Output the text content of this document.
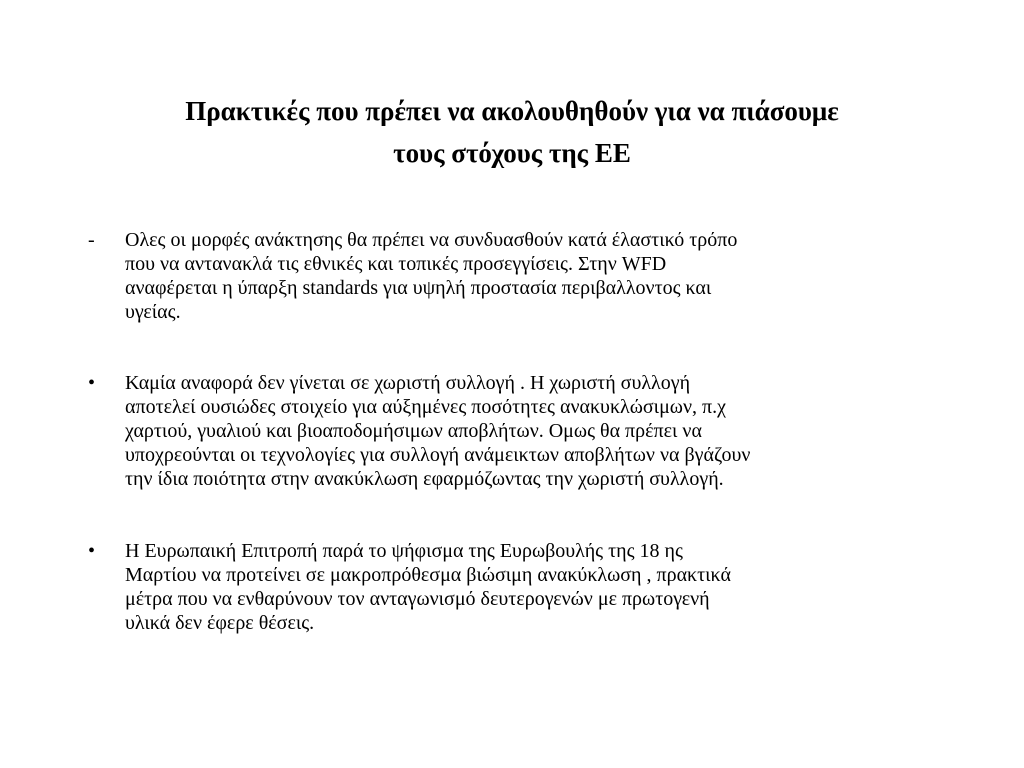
Πρακτικές που πρέπει να ακολουθηθούν για να πιάσουμε
τους στόχους της ΕΕ
-	Ολες οι μορφές ανάκτησης θα πρέπει να συνδυασθούν κατά έλαστικό τρόπο
που να αντανακλά τις εθνικές και τοπικές προσεγγίσεις. Στην WFD
αναφέρεται η ύπαρξη standards για υψηλή προστασία περιβαλλοντος και
υγείας.
•	Καμία αναφορά δεν γίνεται σε χωριστή συλλογή . Η χωριστή συλλογή
αποτελεί ουσιώδες στοιχείο για αύξημένες ποσότητες ανακυκλώσιμων, π.χ
χαρτιού, γυαλιού και βιοαποδομήσιμων αποβλήτων. Ομως θα πρέπει να
υποχρεούνται οι τεχνολογίες για συλλογή ανάμεικτων αποβλήτων να βγάζουν
την ίδια ποιότητα στην ανακύκλωση εφαρμόζωντας την χωριστή συλλογή.
•	Η Ευρωπαική Επιτροπή παρά το ψήφισμα της Ευρωβουλής της 18 ης
Μαρτίου να προτείνει σε μακροπρόθεσμα βιώσιμη ανακύκλωση , πρακτικά
μέτρα που να ενθαρύνουν τον ανταγωνισμό δευτερογενών με πρωτογενή
υλικά δεν έφερε θέσεις.
